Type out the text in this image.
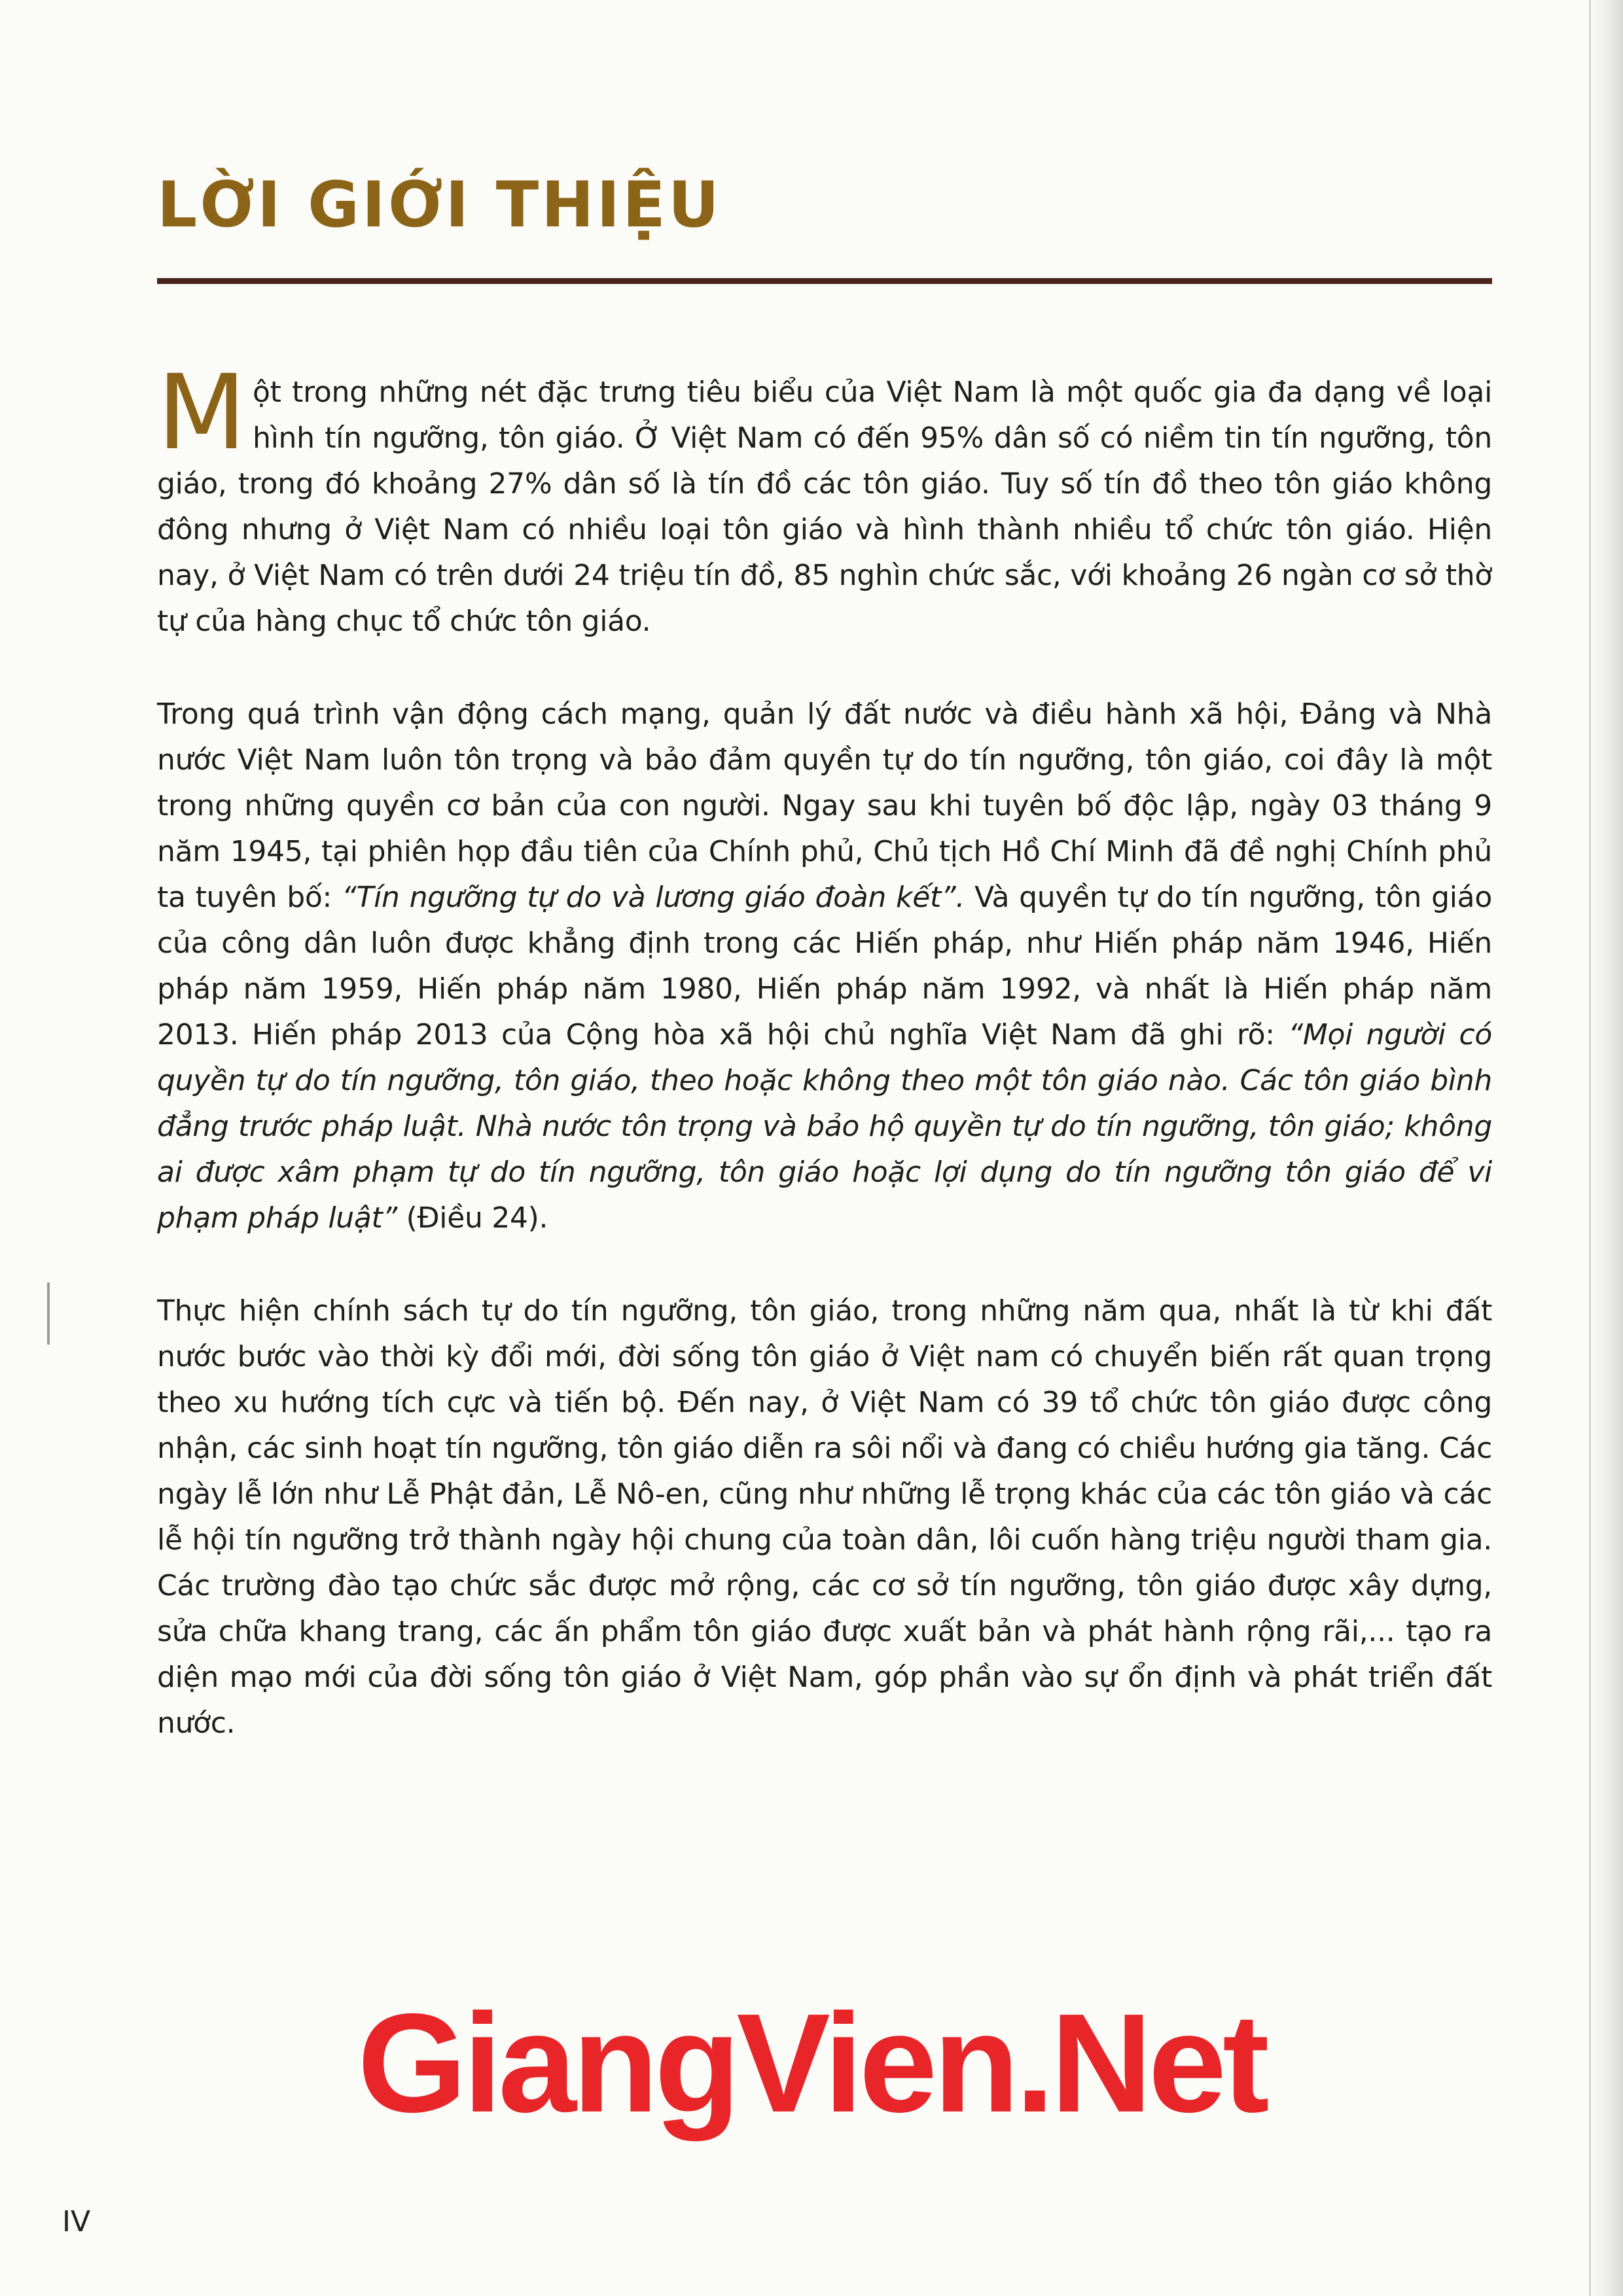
LỜI GIỚI THIỆU

Một trong những nét đặc trưng tiêu biểu của Việt Nam là một quốc gia đa dạng về loại hình tín ngưỡng, tôn giáo. Ở Việt Nam có đến 95% dân số có niềm tin tín ngưỡng, tôn giáo, trong đó khoảng 27% dân số là tín đồ các tôn giáo. Tuy số tín đồ theo tôn giáo không đông nhưng ở Việt Nam có nhiều loại tôn giáo và hình thành nhiều tổ chức tôn giáo. Hiện nay, ở Việt Nam có trên dưới 24 triệu tín đồ, 85 nghìn chức sắc, với khoảng 26 ngàn cơ sở thờ tự của hàng chục tổ chức tôn giáo.

Trong quá trình vận động cách mạng, quản lý đất nước và điều hành xã hội, Đảng và Nhà nước Việt Nam luôn tôn trọng và bảo đảm quyền tự do tín ngưỡng, tôn giáo, coi đây là một trong những quyền cơ bản của con người. Ngay sau khi tuyên bố độc lập, ngày 03 tháng 9 năm 1945, tại phiên họp đầu tiên của Chính phủ, Chủ tịch Hồ Chí Minh đã đề nghị Chính phủ ta tuyên bố: “Tín ngưỡng tự do và lương giáo đoàn kết”. Và quyền tự do tín ngưỡng, tôn giáo của công dân luôn được khẳng định trong các Hiến pháp, như Hiến pháp năm 1946, Hiến pháp năm 1959, Hiến pháp năm 1980, Hiến pháp năm 1992, và nhất là Hiến pháp năm 2013. Hiến pháp 2013 của Cộng hòa xã hội chủ nghĩa Việt Nam đã ghi rõ: “Mọi người có quyền tự do tín ngưỡng, tôn giáo, theo hoặc không theo một tôn giáo nào. Các tôn giáo bình đẳng trước pháp luật. Nhà nước tôn trọng và bảo hộ quyền tự do tín ngưỡng, tôn giáo; không ai được xâm phạm tự do tín ngưỡng, tôn giáo hoặc lợi dụng do tín ngưỡng tôn giáo để vi phạm pháp luật” (Điều 24).

Thực hiện chính sách tự do tín ngưỡng, tôn giáo, trong những năm qua, nhất là từ khi đất nước bước vào thời kỳ đổi mới, đời sống tôn giáo ở Việt nam có chuyển biến rất quan trọng theo xu hướng tích cực và tiến bộ. Đến nay, ở Việt Nam có 39 tổ chức tôn giáo được công nhận, các sinh hoạt tín ngưỡng, tôn giáo diễn ra sôi nổi và đang có chiều hướng gia tăng. Các ngày lễ lớn như Lễ Phật đản, Lễ Nô-en, cũng như những lễ trọng khác của các tôn giáo và các lễ hội tín ngưỡng trở thành ngày hội chung của toàn dân, lôi cuốn hàng triệu người tham gia. Các trường đào tạo chức sắc được mở rộng, các cơ sở tín ngưỡng, tôn giáo được xây dựng, sửa chữa khang trang, các ấn phẩm tôn giáo được xuất bản và phát hành rộng rãi,... tạo ra diện mạo mới của đời sống tôn giáo ở Việt Nam, góp phần vào sự ổn định và phát triển đất nước.

GiangVien.Net
IV
